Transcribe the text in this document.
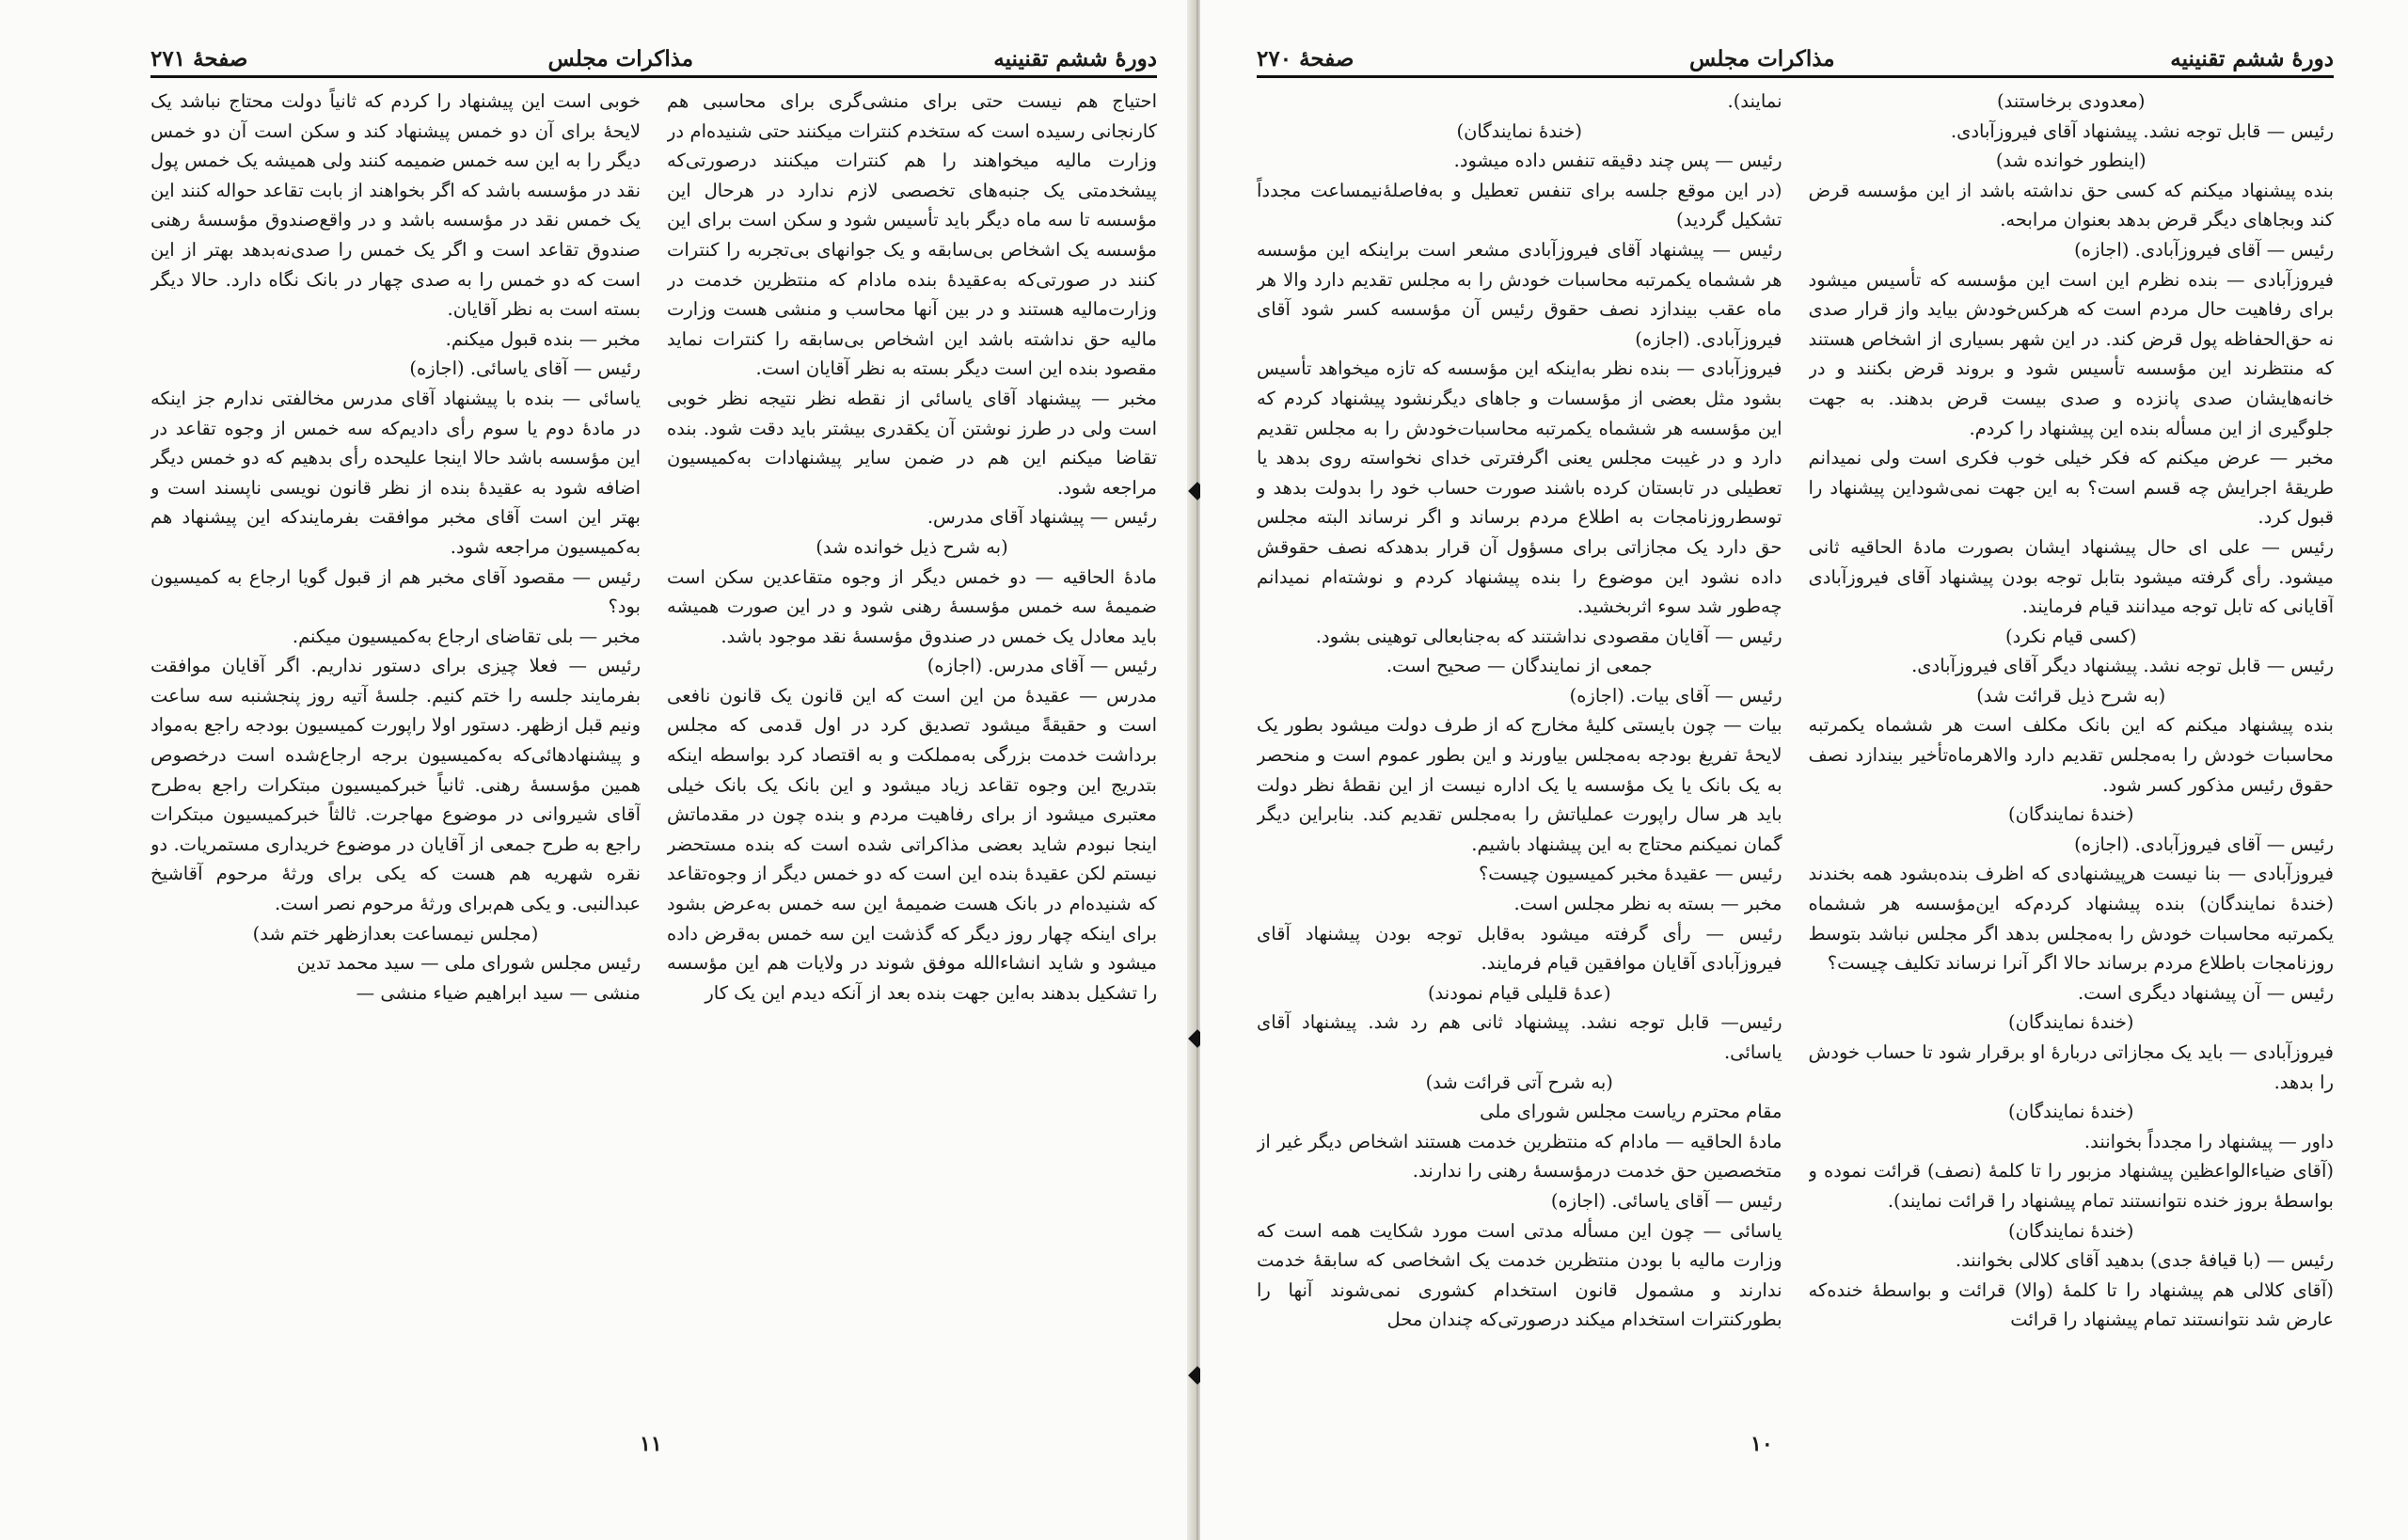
دورهٔ ششم تقنینیه
مذاکرات مجلس
صفحهٔ ۲۷۱

احتیاج هم نیست حتی برای منشی‌گری برای محاسبی هم کارنجانی رسیده است که ستخدم کنترات میکنند حتی شنیده‌ام در وزارت مالیه میخواهند را هم کنترات میکنند درصورتی‌که پیشخدمتی یک جنبه‌های تخصصی لازم ندارد در هرحال این مؤسسه تا سه ماه دیگر باید تأسیس شود و سکن است برای این مؤسسه یک اشخاص بی‌سابقه و یک جوانهای بی‌تجربه را کنترات کنند در صورتی‌که به‌عقیدهٔ بنده مادام که منتظرین خدمت در وزارت‌مالیه هستند و در بین آنها محاسب و منشی هست وزارت مالیه حق نداشته باشد این اشخاص بی‌سابقه را کنترات نماید مقصود بنده این است دیگر بسته به نظر آقایان است.

مخبر — پیشنهاد آقای یاسائی از نقطه نظر نتیجه نظر خوبی است ولی در طرز نوشتن آن یکقدری بیشتر باید دقت شود. بنده تقاضا میکنم این هم در ضمن سایر پیشنهادات به‌کمیسیون مراجعه شود.

رئیس — پیشنهاد آقای مدرس.

(به شرح ذیل خوانده شد)

مادهٔ الحاقیه — دو خمس دیگر از وجوه متقاعدین سکن است ضمیمهٔ سه خمس مؤسسهٔ رهنی شود و در این صورت همیشه باید معادل یک خمس در صندوق مؤسسهٔ نقد موجود باشد.

رئیس — آقای مدرس. (اجازه)

مدرس — عقیدهٔ من این است که این قانون یک قانون نافعی است و حقیقةً میشود تصدیق کرد در اول قدمی که مجلس برداشت خدمت بزرگی به‌مملکت و به اقتصاد کرد بواسطه اینکه بتدریج این وجوه تقاعد زیاد میشود و این بانک یک بانک خیلی معتبری میشود از برای رفاهیت مردم و بنده چون در مقدماتش اینجا نبودم شاید بعضی مذاکراتی شده است که بنده مستحضر نیستم لکن عقیدهٔ بنده این است که دو خمس دیگر از وجوه‌تقاعد که شنیده‌ام در بانک هست ضمیمهٔ این سه خمس به‌عرض بشود برای اینکه چهار روز دیگر که گذشت این سه خمس به‌قرض داده میشود و شاید انشاءالله موفق شوند در ولایات هم این مؤسسه را تشکیل بدهند به‌این جهت بنده بعد از آنکه دیدم این یک کار

خوبی است این پیشنهاد را کردم که ثانیاً دولت محتاج نباشد یک لایحهٔ برای آن دو خمس پیشنهاد کند و سکن است آن دو خمس دیگر را به این سه خمس ضمیمه کنند ولی همیشه یک خمس پول نقد در مؤسسه باشد که اگر بخواهند از بابت تقاعد حواله کنند این یک خمس نقد در مؤسسه باشد و در واقع‌صندوق مؤسسهٔ رهنی صندوق تقاعد است و اگر یک خمس را صدی‌نه‌بدهد بهتر از این است که دو خمس را به صدی چهار در بانک نگاه دارد. حالا دیگر بسته است به نظر آقایان.

مخبر — بنده قبول میکنم.

رئیس — آقای یاسائی. (اجازه)

یاسائی — بنده با پیشنهاد آقای مدرس مخالفتی ندارم جز اینکه در مادهٔ دوم یا سوم رأی دادیم‌که سه خمس از وجوه تقاعد در این مؤسسه باشد حالا اینجا علیحده رأی بدهیم که دو خمس دیگر اضافه شود به عقیدهٔ بنده از نظر قانون نویسی ناپسند است و بهتر این است آقای مخبر موافقت بفرمایندکه این پیشنهاد هم به‌کمیسیون مراجعه شود.

رئیس — مقصود آقای مخبر هم از قبول گویا ارجاع به کمیسیون بود؟

مخبر — بلی تقاضای ارجاع به‌کمیسیون میکنم.

رئیس — فعلا چیزی برای دستور نداریم. اگر آقایان موافقت بفرمایند جلسه را ختم کنیم. جلسهٔ آتیه روز پنجشنبه سه ساعت ونیم قبل ازظهر. دستور اولا راپورت کمیسیون بودجه راجع به‌مواد و پیشنهادهائی‌که به‌کمیسیون برجه ارجاع‌شده است درخصوص همین مؤسسهٔ رهنی. ثانیاً خبرکمیسیون مبتکرات راجع به‌طرح آقای شیروانی در موضوع مهاجرت. ثالثاً خبرکمیسیون مبتکرات راجع به طرح جمعی از آقایان در موضوع خریداری مستمریات. دو نقره شهریه هم هست که یکی برای ورثهٔ مرحوم آقاشیخ عبدالنبی. و یکی هم‌برای ورثهٔ مرحوم نصر است.

(مجلس نیمساعت بعدازظهر ختم شد)

رئیس مجلس شورای ملی — سید محمد تدین

منشی — سید ابراهیم ضیاء منشی —

۱۱
دورهٔ ششم تقنینیه
مذاکرات مجلس
صفحهٔ ۲۷۰

(معدودی برخاستند)

رئیس — قابل توجه نشد. پیشنهاد آقای فیروزآبادی.

(اینطور خوانده شد)

بنده پیشنهاد میکنم که کسی حق نداشته باشد از این مؤسسه قرض کند وبجاهای دیگر قرض بدهد بعنوان مرابحه.

رئیس — آقای فیروزآبادی. (اجازه)

فیروزآبادی — بنده نظرم این است این مؤسسه که تأسیس میشود برای رفاهیت حال مردم است که هرکس‌خودش بیاید واز قرار صدی نه حق‌الحفاظه پول قرض کند. در این شهر بسیاری از اشخاص هستند که منتظرند این مؤسسه تأسیس شود و بروند قرض بکنند و در خانه‌هایشان صدی پانزده و صدی بیست قرض بدهند. به جهت جلوگیری از این مسأله بنده این پیشنهاد را کردم.

مخبر — عرض میکنم که فکر خیلی خوب فکری است ولی نمیدانم طریقهٔ اجرایش چه قسم است؟ به این جهت نمی‌شوداین پیشنهاد را قبول کرد.

رئیس — علی ای حال پیشنهاد ایشان بصورت مادهٔ الحاقیه ثانی میشود. رأی گرفته میشود بتابل توجه بودن پیشنهاد آقای فیروزآبادی آقایانی که تابل توجه میدانند قیام فرمایند.

(کسی قیام نکرد)

رئیس — قابل توجه نشد. پیشنهاد دیگر آقای فیروزآبادی.

(به شرح ذیل قرائت شد)

بنده پیشنهاد میکنم که این بانک مکلف است هر ششماه یکمرتبه محاسبات خودش را به‌مجلس تقدیم دارد والاهرماه‌تأخیر بیندازد نصف حقوق رئیس مذکور کسر شود.

(خندهٔ نمایندگان)

رئیس — آقای فیروزآبادی. (اجازه)

فیروزآبادی — بنا نیست هرپیشنهادی که اظرف بنده‌بشود همه بخندند (خندهٔ نمایندگان) بنده پیشنهاد کردم‌که این‌مؤسسه هر ششماه یکمرتبه محاسبات خودش را به‌مجلس بدهد اگر مجلس نباشد بتوسط روزنامجات باطلاع مردم برساند حالا اگر آنرا نرساند تکلیف چیست؟

رئیس — آن پیشنهاد دیگری است.

(خندهٔ نمایندگان)

فیروزآبادی — باید یک مجازاتی دربارهٔ او برقرار شود تا حساب خودش را بدهد.

(خندهٔ نمایندگان)

داور — پیشنهاد را مجدداً بخوانند.

(آقای ضیاءالواعظین پیشنهاد مزبور را تا کلمهٔ (نصف) قرائت نموده و بواسطهٔ بروز خنده نتوانستند تمام پیشنهاد را قرائت نمایند).

(خندهٔ نمایندگان)

رئیس — (با قیافهٔ جدی) بدهید آقای کلالی بخوانند.

(آقای کلالی هم پیشنهاد را تا کلمهٔ (والا) قرائت و بواسطهٔ خنده‌که عارض شد نتوانستند تمام پیشنهاد را قرائت

نمایند).

(خندهٔ نمایندگان)

رئیس — پس چند دقیقه تنفس داده میشود.

(در این موقع جلسه برای تنفس تعطیل و به‌فاصلهٔ‌نیمساعت مجدداً تشکیل گردید)

رئیس — پیشنهاد آقای فیروزآبادی مشعر است براینکه این مؤسسه هر ششماه یکمرتبه محاسبات خودش را به مجلس تقدیم دارد والا هر ماه عقب بیندازد نصف حقوق رئیس آن مؤسسه کسر شود آقای فیروزآبادی. (اجازه)

فیروزآبادی — بنده نظر به‌اینکه این مؤسسه که تازه میخواهد تأسیس بشود مثل بعضی از مؤسسات و جاهای دیگرنشود پیشنهاد کردم که این مؤسسه هر ششماه یکمرتبه محاسبات‌خودش را به مجلس تقدیم دارد و در غیبت مجلس یعنی اگرفترتی خدای نخواسته روی بدهد یا تعطیلی در تابستان کرده باشند صورت حساب خود را بدولت بدهد و توسط‌روزنامجات به اطلاع مردم برساند و اگر نرساند البته مجلس حق دارد یک مجازاتی برای مسؤول آن قرار بدهدکه نصف حقوقش داده نشود این موضوع را بنده پیشنهاد کردم و نوشته‌ام نمیدانم چه‌طور شد سوء اثربخشید.

رئیس — آقایان مقصودی نداشتند که به‌جنابعالی توهینی بشود.

جمعی از نمایندگان — صحیح است.

رئیس — آقای بیات. (اجازه)

بیات — چون بایستی کلیهٔ مخارج که از طرف دولت میشود بطور یک لایحهٔ تفریغ بودجه به‌مجلس بیاورند و این بطور عموم است و منحصر به یک بانک یا یک مؤسسه یا یک اداره نیست از این نقطهٔ نظر دولت باید هر سال راپورت عملیاتش را به‌مجلس تقدیم کند. بنابراین دیگر گمان نمیکنم محتاج به این پیشنهاد باشیم.

رئیس — عقیدهٔ مخبر کمیسیون چیست؟

مخبر — بسته به نظر مجلس است.

رئیس — رأی گرفته میشود به‌قابل توجه بودن پیشنهاد آقای فیروزآبادی آقایان موافقین قیام فرمایند.

(عدهٔ قلیلی قیام نمودند)

رئیس— قابل توجه نشد. پیشنهاد ثانی هم رد شد. پیشنهاد آقای یاسائی.

(به شرح آتی قرائت شد)

مقام محترم ریاست مجلس شورای ملی

مادهٔ الحاقیه — مادام که منتظرین خدمت هستند اشخاص دیگر غیر از متخصصین حق خدمت درمؤسسهٔ رهنی را ندارند.

رئیس — آقای یاسائی. (اجازه)

یاسائی — چون این مسأله مدتی است مورد شکایت همه است که وزارت مالیه با بودن منتظرین خدمت یک اشخاصی که سابقهٔ خدمت ندارند و مشمول قانون استخدام کشوری نمی‌شوند آنها را بطورکنترات استخدام میکند درصورتی‌که چندان محل

۱۰
